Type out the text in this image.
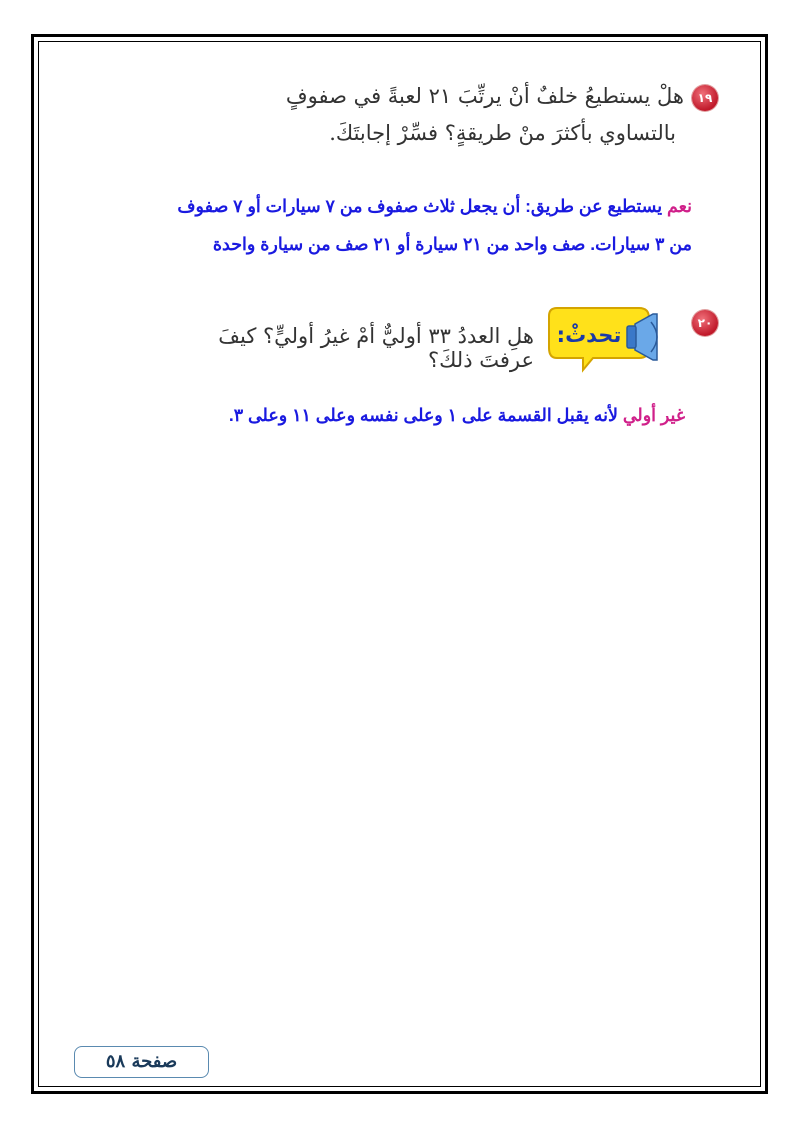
١٩
هلْ يستطيعُ خلفٌ أنْ يرتِّبَ ٢١ لعبةً في صفوفٍ
بالتساوي بأكثرَ منْ طريقةٍ؟ فسِّرْ إجابتَكَ.
نعم يستطيع عن طريق: أن يجعل ثلاث صفوف من ٧ سيارات أو ٧ صفوف
من ٣ سيارات. صف واحد من ٢١ سيارة أو ٢١ صف من سيارة واحدة
٢٠
تحدثْ:
هلِ العددُ ٣٣ أوليٌّ أمْ غيرُ أوليٍّ؟ كيفَ عرفتَ ذلكَ؟
غير أولي لأنه يقبل القسمة على ١ وعلى نفسه وعلى ١١ وعلى ٣.
صفحة ٥٨
